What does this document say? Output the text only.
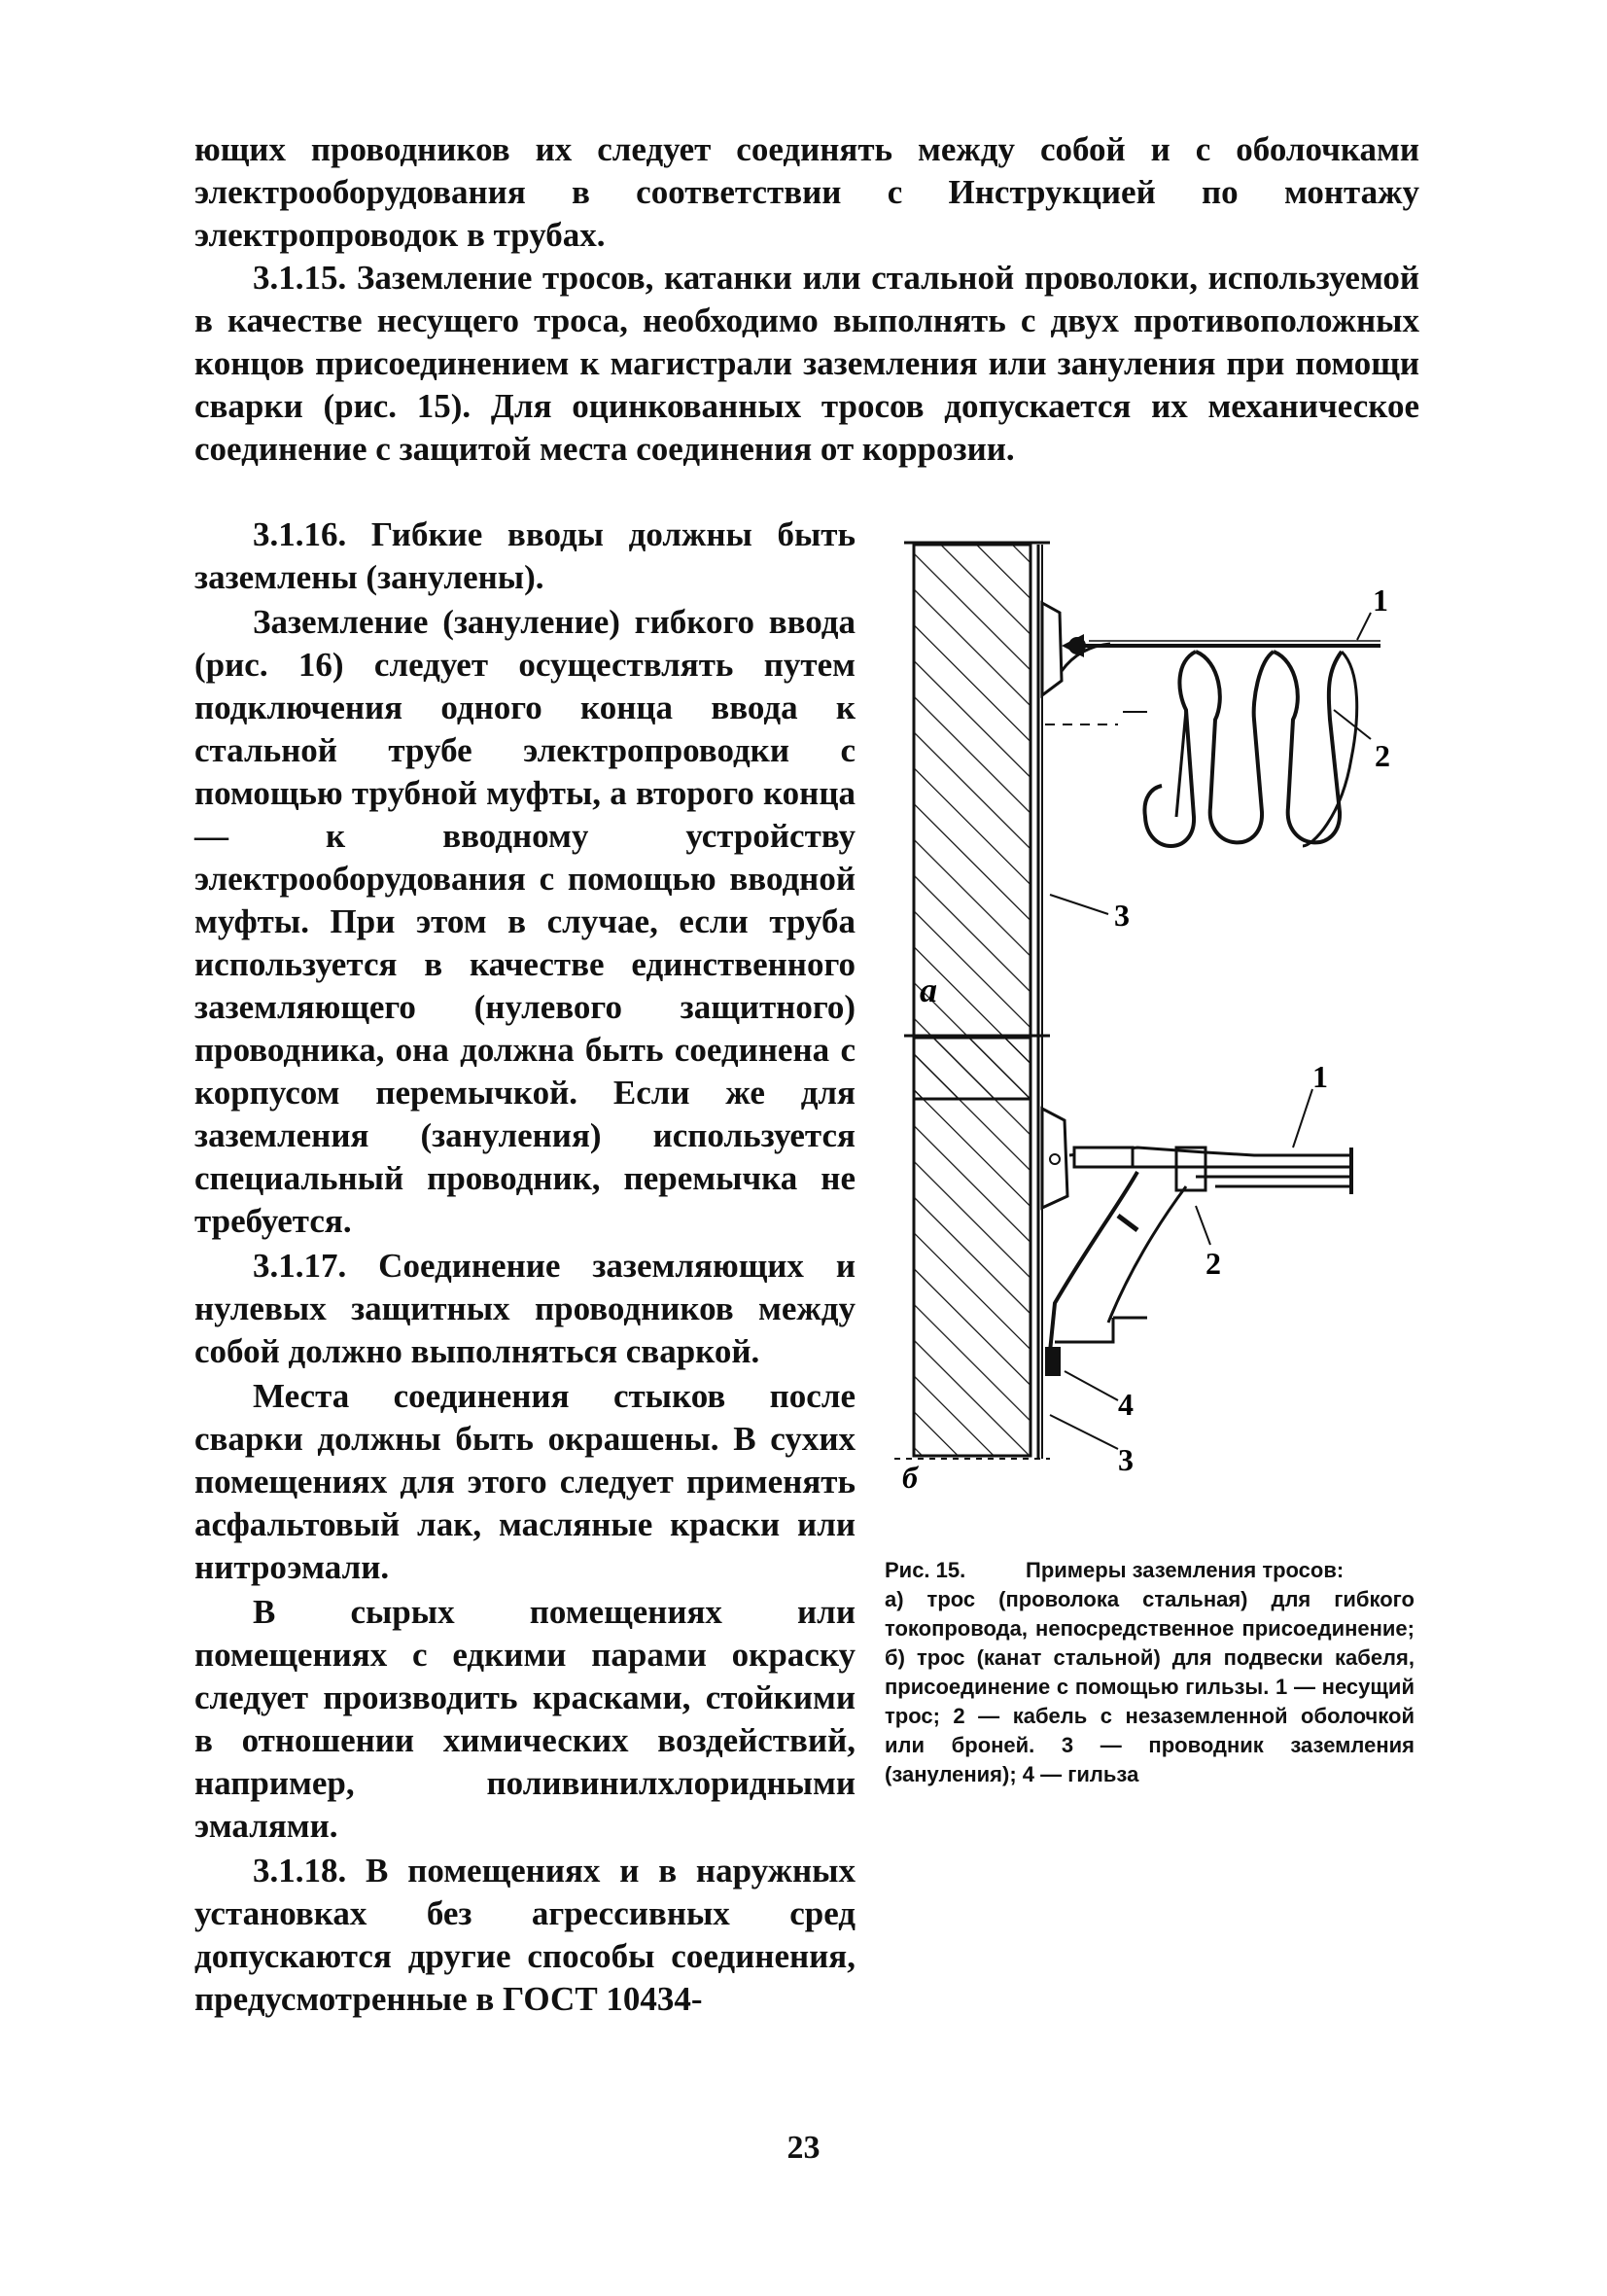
ющих проводников их следует соединять между собой и с оболочками электрооборудования в соответствии с Инструкцией по монтажу электропроводок в трубах.

3.1.15. Заземление тросов, катанки или стальной проволоки, используемой в качестве несущего троса, необходимо выполнять с двух противоположных концов присоединением к магистрали заземления или зануления при помощи сварки (рис. 15). Для оцинкованных тросов допускается их механическое соединение с защитой места соединения от коррозии.

3.1.16. Гибкие вводы должны быть заземлены (занулены).

Заземление (зануление) гибкого ввода (рис. 16) следует осуществлять путем подключения одного конца ввода к стальной трубе электропроводки с помощью трубной муфты, а второго конца — к вводному устройству электрооборудования с помощью вводной муфты. При этом в случае, если труба используется в качестве единственного заземляющего (нулевого защитного) проводника, она должна быть соединена с корпусом перемычкой. Если же для заземления (зануления) используется специальный проводник, перемычка не требуется.

3.1.17. Соединение заземляющих и нулевых защитных проводников между собой должно выполняться сваркой.

Места соединения стыков после сварки должны быть окрашены. В сухих помещениях для этого следует применять асфальтовый лак, масляные краски или нитроэмали.

В сырых помещениях или помещениях с едкими парами окраску следует производить красками, стойкими в отношении химических воздействий, например, поливинилхлоридными эмалями.

3.1.18. В помещениях и в наружных установках без агрессивных сред допускаются другие способы соединения, предусмотренные в ГОСТ 10434-

1
2
3
а
1
2
4
3
б
Рис. 15.	Примеры заземления тросов:

а) трос (проволока стальная) для гибкого токопровода, непосредственное присоединение; б) трос (канат стальной) для подвески кабеля, присоединение с помощью гильзы. 1 — несущий трос; 2 — кабель с незаземленной оболочкой или броней. 3 — проводник заземления (зануления); 4 — гильза

23
